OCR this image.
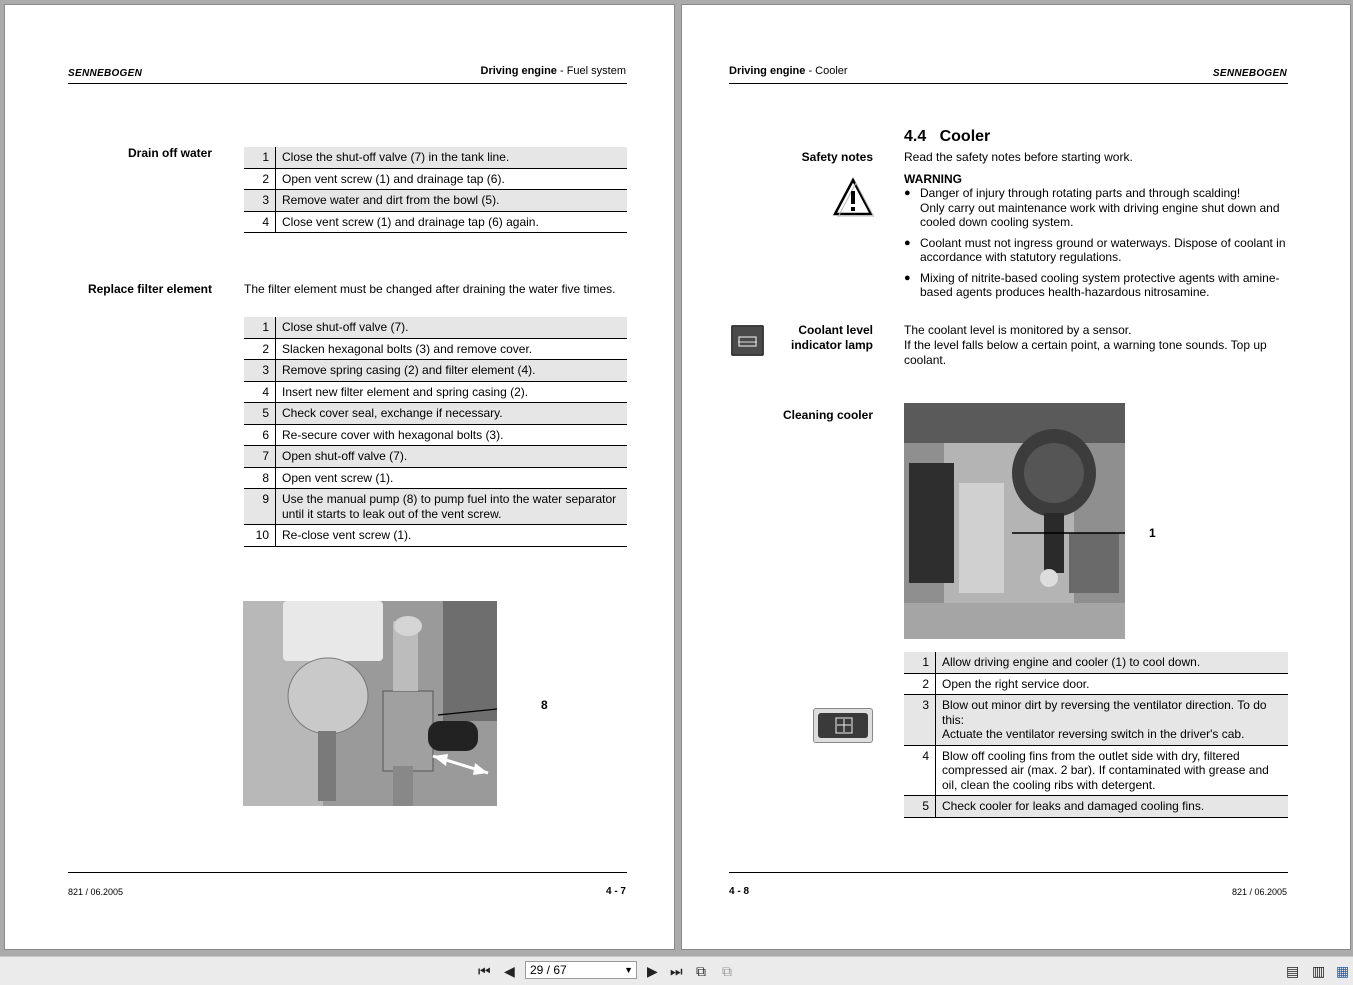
SENNEBOGEN	Driving engine - Fuel system
Drain off water	1	Close the shut-off valve (7) in the tank line.
2	Open vent screw (1) and drainage tap (6).
3	Remove water and dirt from the bowl (5).
4	Close vent screw (1) and drainage tap (6) again.
Replace filter element	The filter element must be changed after draining the water five times.
1	Close shut-off valve (7).
2	Slacken hexagonal bolts (3) and remove cover.
3	Remove spring casing (2) and filter element (4).
4	Insert new filter element and spring casing (2).
5	Check cover seal, exchange if necessary.
6	Re-secure cover with hexagonal bolts (3).
7	Open shut-off valve (7).
8	Open vent screw (1).
9	Use the manual pump (8) to pump fuel into the water separator until it starts to leak out of the vent screw.
10	Re-close vent screw (1).
8
821 / 06.2005	4 - 7
Driving engine - Cooler	SENNEBOGEN
4.4 Cooler
Safety notes	Read the safety notes before starting work.
WARNING
● Danger of injury through rotating parts and through scalding!
Only carry out maintenance work with driving engine shut down and cooled down cooling system.
● Coolant must not ingress ground or waterways. Dispose of coolant in accordance with statutory regulations.
● Mixing of nitrite-based cooling system protective agents with amine-based agents produces health-hazardous nitrosamine.
Coolant level
indicator lamp
The coolant level is monitored by a sensor.
If the level falls below a certain point, a warning tone sounds. Top up coolant.
Cleaning cooler
1
1	Allow driving engine and cooler (1) to cool down.
2	Open the right service door.
3	Blow out minor dirt by reversing the ventilator direction. To do this:
Actuate the ventilator reversing switch in the driver's cab.
4	Blow off cooling fins from the outlet side with dry, filtered compressed air (max. 2 bar). If contaminated with grease and oil, clean the cooling ribs with detergent.
5	Check cooler for leaks and damaged cooling fins.
4 - 8	821 / 06.2005
⏮ ◀	29 / 67	▼ ▶ ⏭ ⧉ ⧉	▤ ▥ ▦
